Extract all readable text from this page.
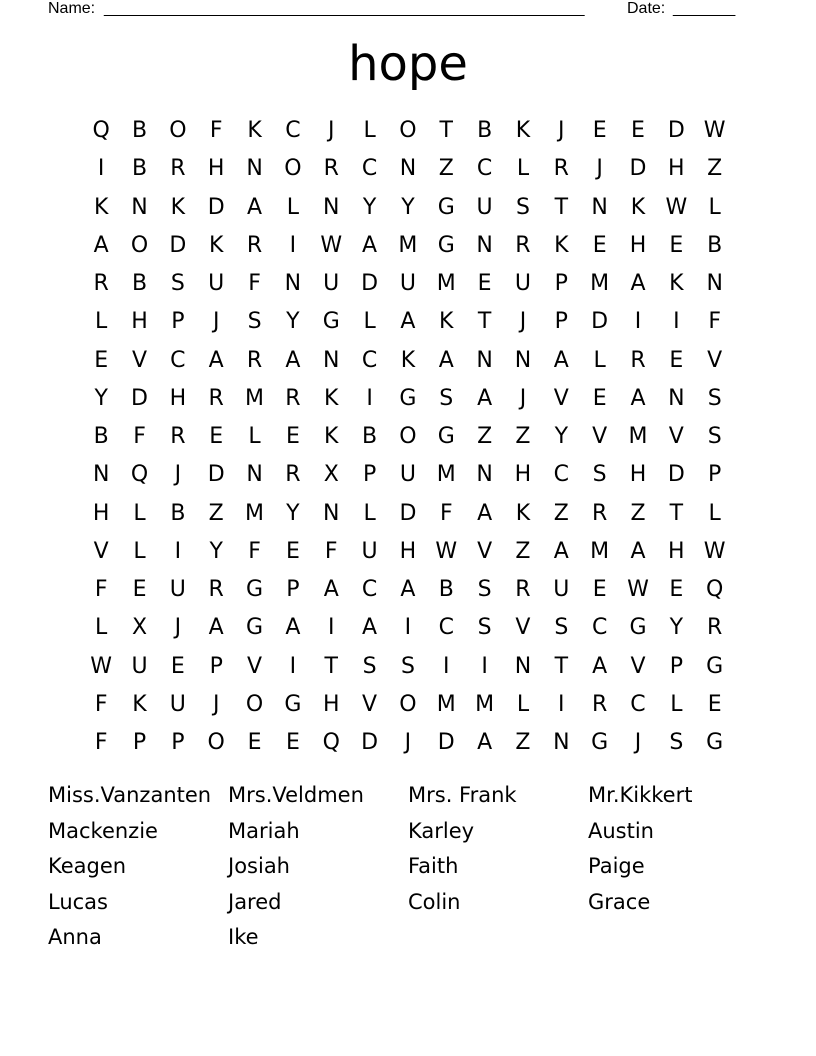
Name: ______________________________________________________	Date: _______
hope
Q	B	O	F	K	C	J	L	O	T	B	K	J	E	E	D W
I	B	R	H N O	R	C	N	Z	C	L	R	J	D H	Z
K	N	K	D	A	L	N	Y	Y	G U	S	T	N	K W L
A	O D	K	R	I	W A M G N	R	K	E	H	E	B
R	B	S	U	F	N	U D U M E	U	P	M A	K	N
L	H	P	J	S	Y	G	L	A	K	T	J	P	D	I	I	F
E	V	C	A	R	A	N	C	K	A	N N	A	L	R	E	V
Y	D H	R M R	K	I	G	S	A	J	V	E	A	N	S
B	F	R	E	L	E	K	B	O G	Z	Z	Y	V M V	S
N Q	J	D N	R	X	P	U M N H	C	S	H D	P
H	L	B	Z M	Y	N	L	D	F	A	K	Z	R	Z	T	L
V	L	I	Y	F	E	F	U	H W V	Z	A M A	H W
F	E	U	R	G	P	A	C	A	B	S	R	U	E W E	Q
L	X	J	A	G	A	I	A	I	C	S	V	S	C	G	Y	R
W U	E	P	V	I	T	S	S	I	I	N	T	A	V	P	G
F	K	U	J	O G H	V	O M M	L	I	R	C	L	E
F	P	P	O	E	E	Q D	J	D	A	Z	N G	J	S	G
Miss.Vanzanten Mrs.Veldmen	Mrs. Frank	Mr.Kikkert
Mackenzie	Mariah	Karley	Austin
Keagen	Josiah	Faith	Paige
Lucas	Jared	Colin	Grace
Anna	Ike
